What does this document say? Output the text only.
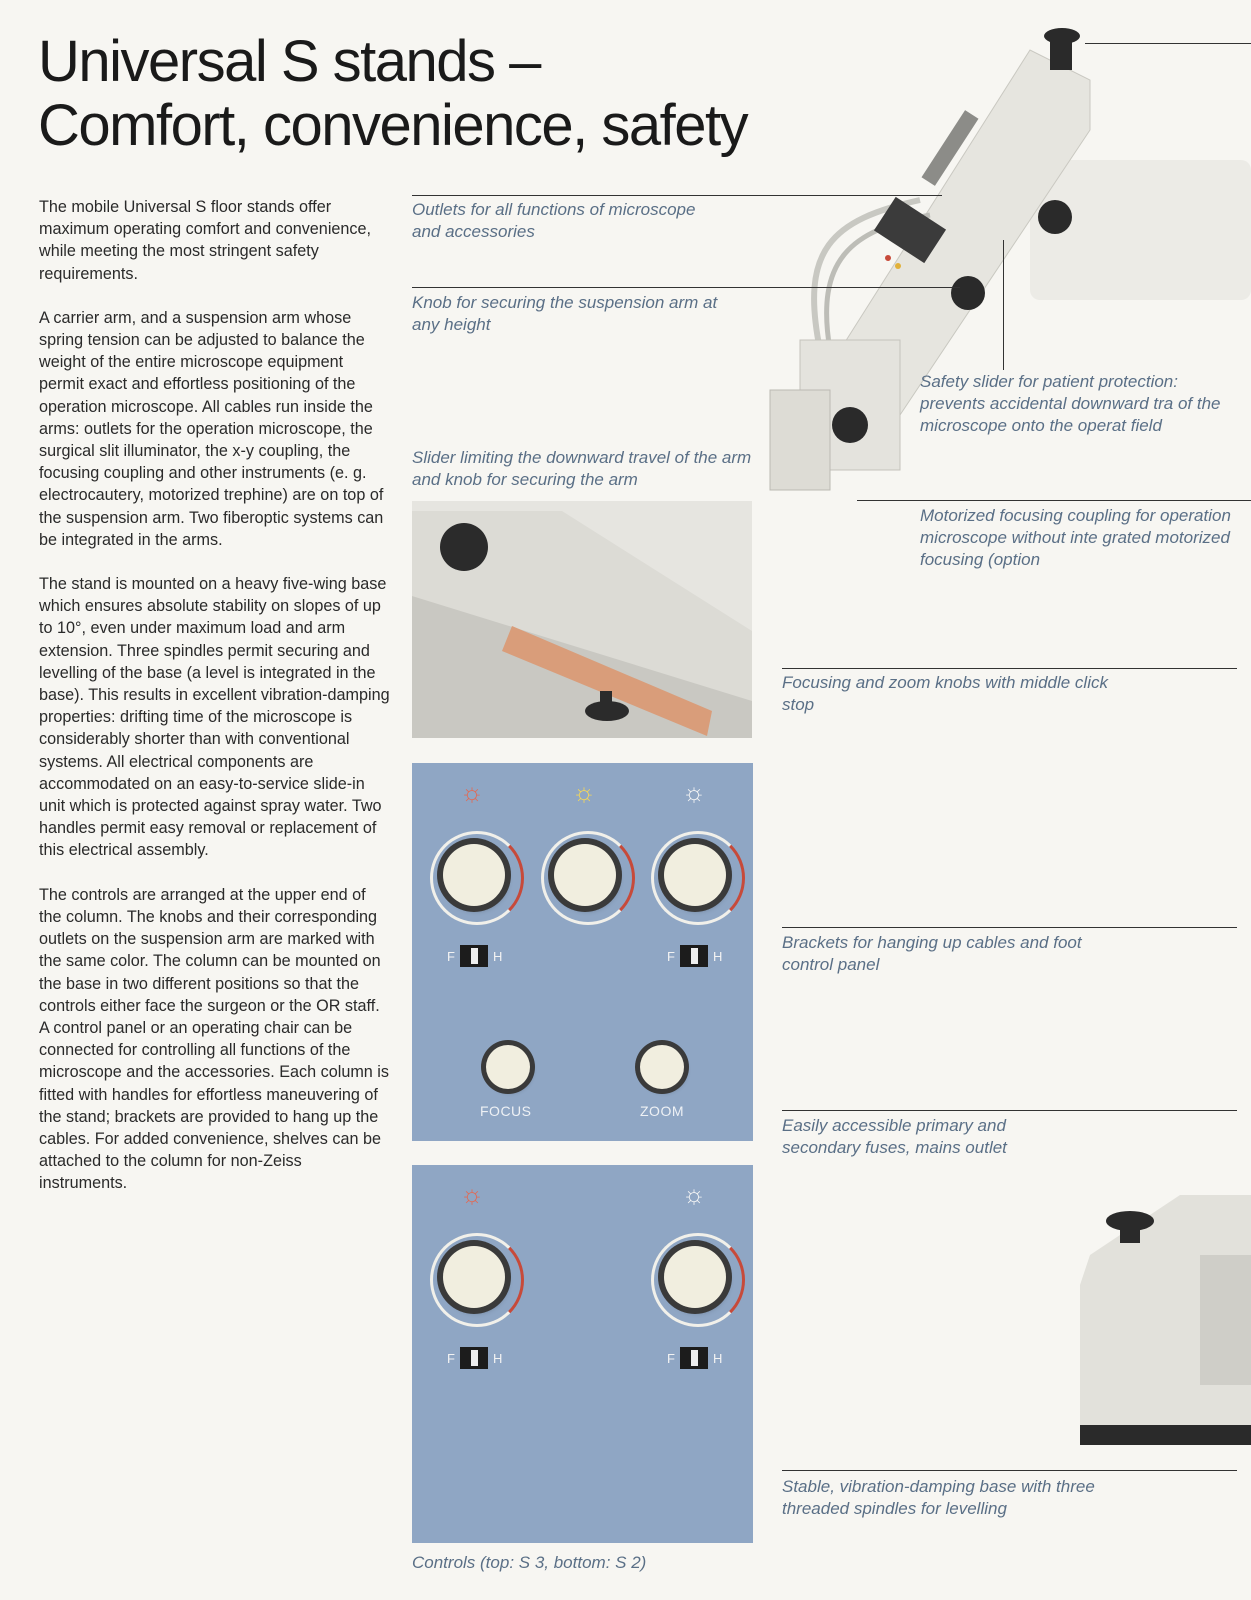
Universal S stands –
Comfort, convenience, safety

The mobile Universal S floor stands offer maximum operating comfort and convenience, while meeting the most stringent safety requirements.

A carrier arm, and a suspension arm whose spring tension can be adjusted to balance the weight of the entire microscope equipment permit exact and effortless positioning of the operation microscope. All cables run inside the arms: outlets for the operation microscope, the surgical slit illuminator, the x-y coupling, the focusing coupling and other instruments (e. g. electrocautery, motorized trephine) are on top of the suspension arm. Two fiberoptic systems can be integrated in the arms.

The stand is mounted on a heavy five-wing base which ensures absolute stability on slopes of up to 10°, even under maximum load and arm extension. Three spindles permit securing and levelling of the base (a level is integrated in the base). This results in excellent vibration-damping properties: drifting time of the microscope is considerably shorter than with conventional systems. All electrical components are accommodated on an easy-to-service slide-in unit which is protected against spray water. Two handles permit easy removal or replacement of this electrical assembly.

The controls are arranged at the upper end of the column. The knobs and their corresponding outlets on the suspension arm are marked with the same color. The column can be mounted on the base in two different positions so that the controls either face the surgeon or the OR staff. A control panel or an operating chair can be connected for controlling all functions of the microscope and the accessories. Each column is fitted with handles for effortless maneuvering of the stand; brackets are provided to hang up the cables. For added convenience, shelves can be attached to the column for non-Zeiss instruments.

Outlets for all functions of microscope and accessories
Knob for securing the suspension arm at any height
Safety slider for patient protection: prevents accidental downward tra of the microscope onto the operat field
Motorized focusing coupling for operation microscope without inte grated motorized focusing (option
Slider limiting the downward travel of the arm and knob for securing the arm
Focusing and zoom knobs with middle click stop
Brackets for hanging up cables and foot control panel
Easily accessible primary and secondary fuses, mains outlet
Stable, vibration-damping base with three threaded spindles for levelling
☼	☼	☼
F	H	F	H
FOCUS	ZOOM
☼	☼
F	H	F	H
Controls (top: S 3, bottom: S 2)
